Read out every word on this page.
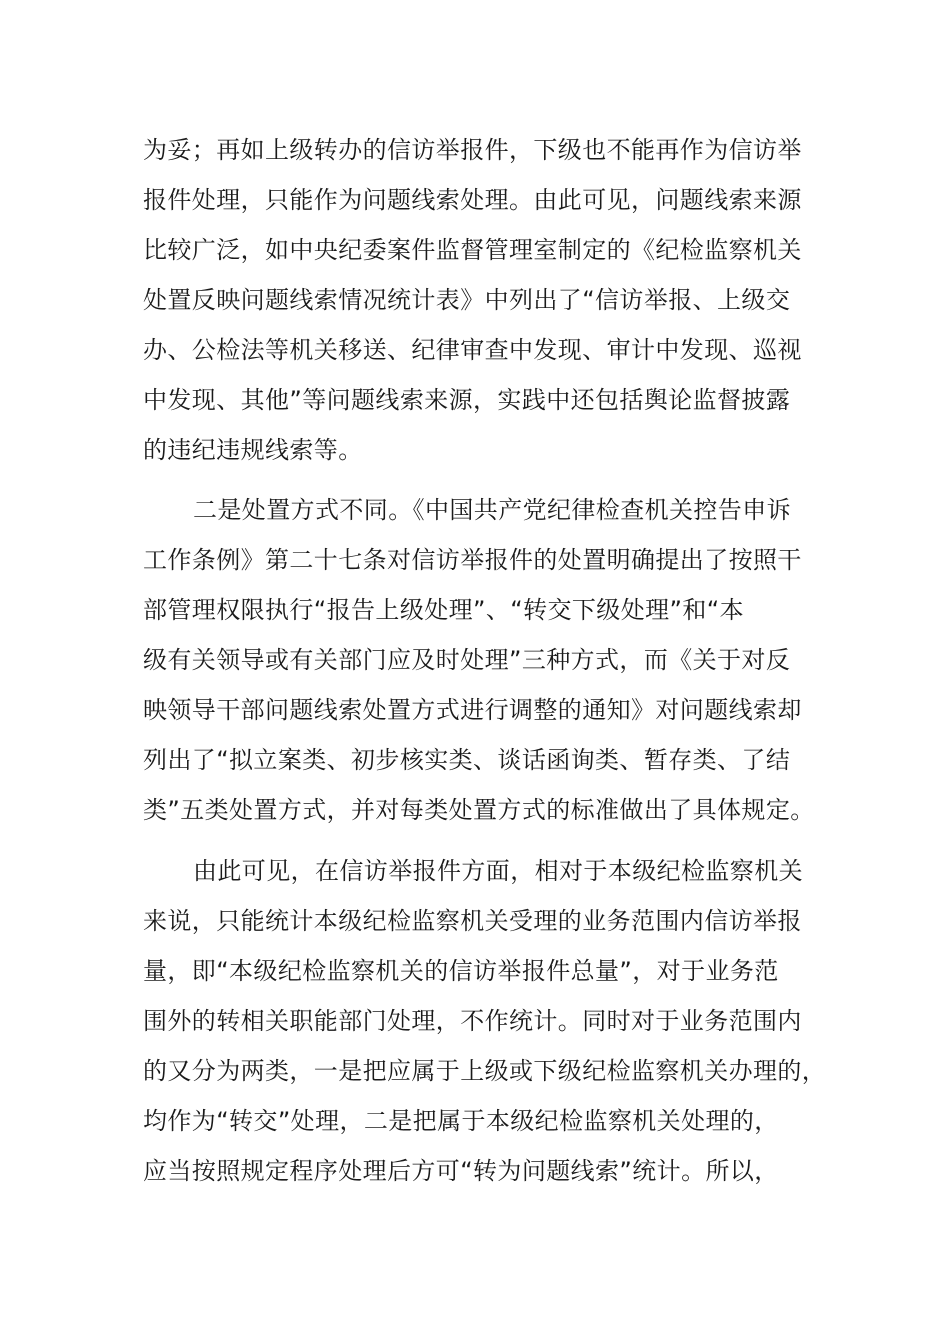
为妥；再如上级转办的信访举报件，下级也不能再作为信访举
报件处理，只能作为问题线索处理。由此可见，问题线索来源
比较广泛，如中央纪委案件监督管理室制定的《纪检监察机关
处置反映问题线索情况统计表》中列出了“信访举报、上级交
办、公检法等机关移送、纪律审查中发现、审计中发现、巡视
中发现、其他”等问题线索来源，实践中还包括舆论监督披露
的违纪违规线索等。
二是处置方式不同。《中国共产党纪律检查机关控告申诉
工作条例》第二十七条对信访举报件的处置明确提出了按照干
部管理权限执行“报告上级处理”、“转交下级处理”和“本
级有关领导或有关部门应及时处理”三种方式，而《关于对反
映领导干部问题线索处置方式进行调整的通知》对问题线索却
列出了“拟立案类、初步核实类、谈话函询类、暂存类、了结
类”五类处置方式，并对每类处置方式的标准做出了具体规定。
由此可见，在信访举报件方面，相对于本级纪检监察机关
来说，只能统计本级纪检监察机关受理的业务范围内信访举报
量，即“本级纪检监察机关的信访举报件总量”，对于业务范
围外的转相关职能部门处理，不作统计。同时对于业务范围内
的又分为两类，一是把应属于上级或下级纪检监察机关办理的，
均作为“转交”处理，二是把属于本级纪检监察机关处理的，
应当按照规定程序处理后方可“转为问题线索”统计。所以，
